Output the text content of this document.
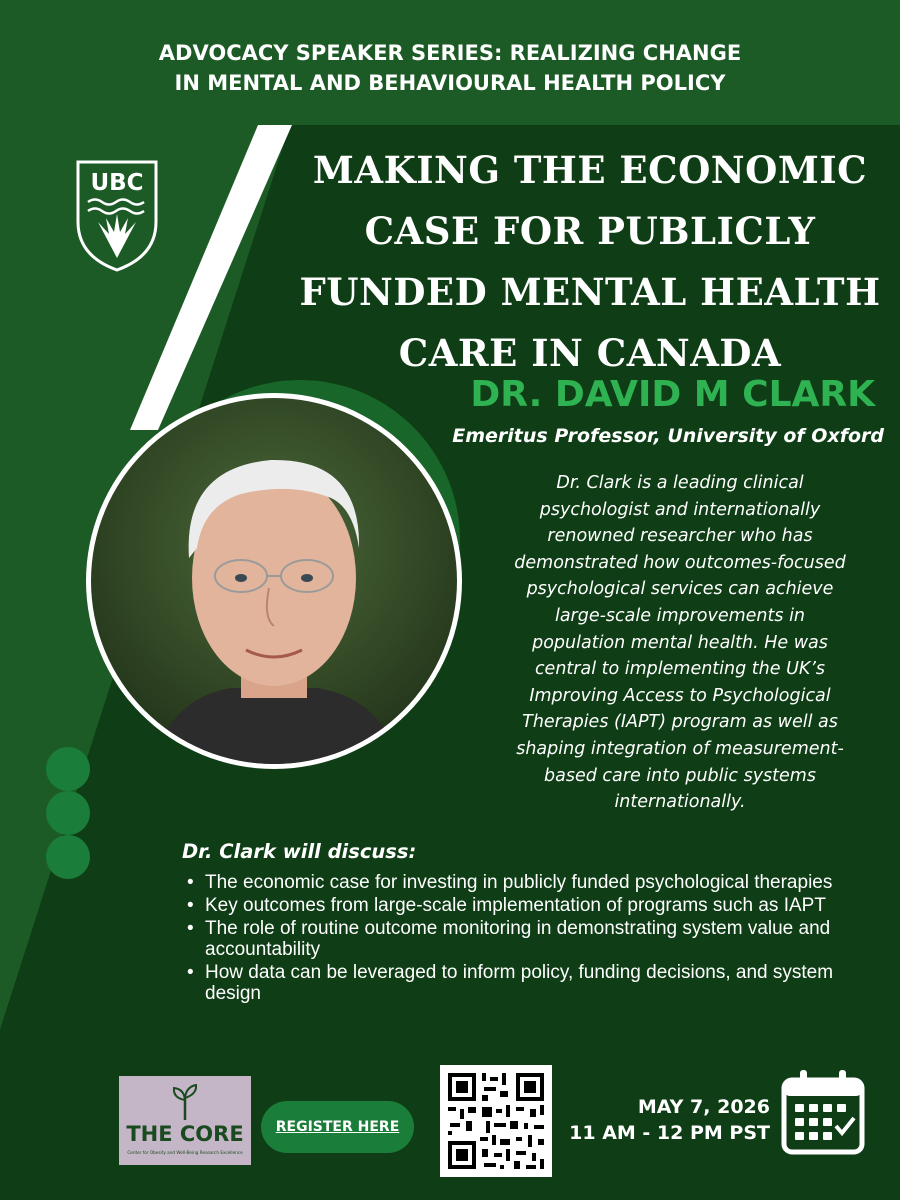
ADVOCACY SPEAKER SERIES: REALIZING CHANGE
IN MENTAL AND BEHAVIOURAL HEALTH POLICY
UBC	MAKING THE ECONOMIC
CASE FOR PUBLICLY
FUNDED MENTAL HEALTH
CARE IN CANADA
DR. DAVID M CLARK
Emeritus Professor, University of Oxford
Dr. Clark is a leading clinical
psychologist and internationally
renowned researcher who has
demonstrated how outcomes-focused
psychological services can achieve
large-scale improvements in
population mental health. He was
central to implementing the UK’s
Improving Access to Psychological
Therapies (IAPT) program as well as
shaping integration of measurement-
based care into public systems
internationally.
Dr. Clark will discuss:
• The economic case for investing in publicly funded psychological therapies
• Key outcomes from large-scale implementation of programs such as IAPT
• The role of routine outcome monitoring in demonstrating system value and accountability
• How data can be leveraged to inform policy, funding decisions, and system design
THE CORE
Center for Obesity and Well-Being Research Excellence
REGISTER HERE
MAY 7, 2026
11 AM - 12 PM PST
